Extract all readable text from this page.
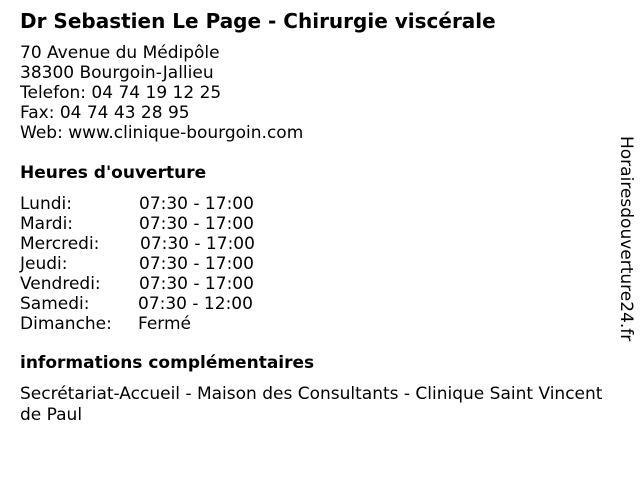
Dr Sebastien Le Page - Chirurgie viscérale
70 Avenue du Médipôle
38300 Bourgoin-Jallieu
Telefon: 04 74 19 12 25
Fax: 04 74 43 28 95
Web: www.clinique-bourgoin.com
Heures d'ouverture
Lundi:	07:30 - 17:00
Mardi:	07:30 - 17:00
Mercredi: 07:30 - 17:00
Jeudi:	07:30 - 17:00
Vendredi: 07:30 - 17:00
Samedi:	07:30 - 12:00
Dimanche: Fermé
informations complémentaires
Secrétariat-Accueil - Maison des Consultants - Clinique Saint Vincent de Paul
Horairesdouverture24.fr
